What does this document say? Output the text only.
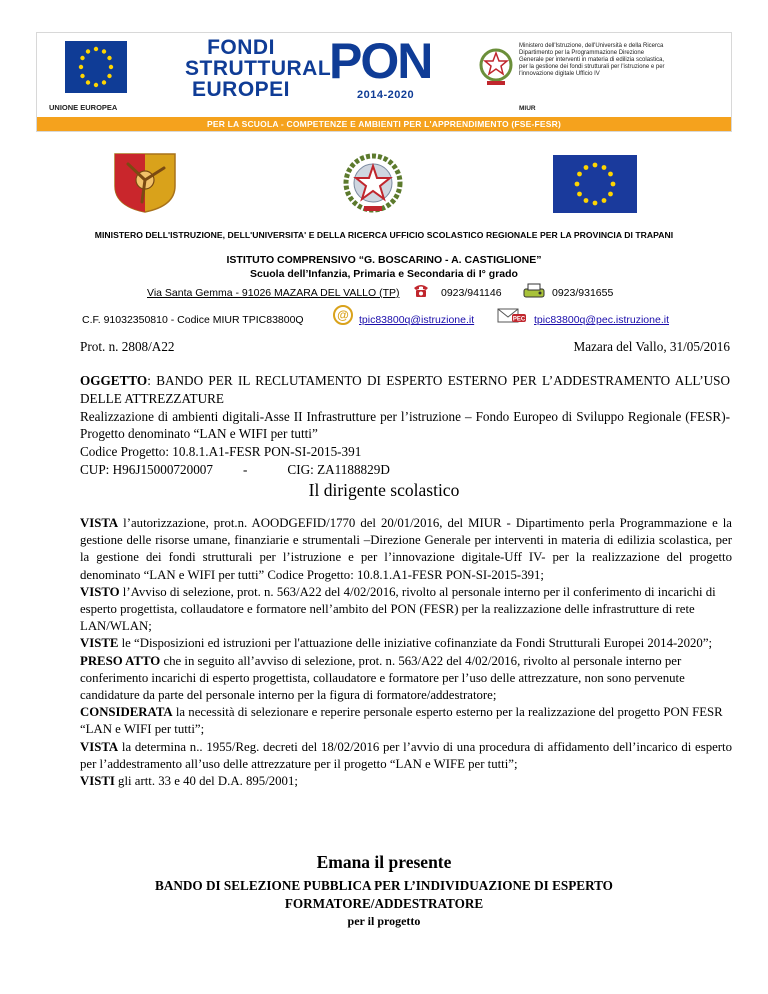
UNIONE EUROPEA
FONDI
STRUTTURALI
EUROPEI
PON
2014-2020
Ministero dell'Istruzione, dell'Università e della Ricerca Dipartimento per la Programmazione Direzione Generale per interventi in materia di edilizia scolastica, per la gestione dei fondi strutturali per l'istruzione e per l'innovazione digitale Ufficio IV
MIUR
PER LA SCUOLA - COMPETENZE E AMBIENTI PER L'APPRENDIMENTO (FSE-FESR)
MINISTERO DELL'ISTRUZIONE, DELL'UNIVERSITA' E DELLA RICERCA UFFICIO SCOLASTICO REGIONALE PER LA PROVINCIA DI TRAPANI
ISTITUTO COMPRENSIVO “G. BOSCARINO - A. CASTIGLIONE”
Scuola dell’Infanzia, Primaria e Secondaria di I° grado
Via Santa Gemma - 91026 MAZARA DEL VALLO (TP)	0923/941146	0923/931655
C.F. 91032350810 - Codice MIUR TPIC83800Q	@ tpic83800q@istruzione.it	PEC tpic83800q@pec.istruzione.it
Prot. n. 2808/A22	Mazara del Vallo, 31/05/2016
OGGETTO: BANDO PER IL RECLUTAMENTO DI ESPERTO ESTERNO PER L’ADDESTRAMENTO ALL’USO DELLE ATTREZZATURE
Realizzazione di ambienti digitali-Asse II Infrastrutture per l’istruzione – Fondo Europeo di Sviluppo Regionale (FESR)- Progetto denominato “LAN e WIFI per tutti”
Codice Progetto: 10.8.1.A1-FESR PON-SI-2015-391
CUP: H96J15000720007 -	CIG: ZA1188829D
Il dirigente scolastico

VISTA l’autorizzazione, prot.n. AOODGEFID/1770 del 20/01/2016, del MIUR - Dipartimento perla Programmazione e la gestione delle risorse umane, finanziarie e strumentali –Direzione Generale per interventi in materia di edilizia scolastica, per la gestione dei fondi strutturali per l’istruzione e per l’innovazione digitale-Uff IV- per la realizzazione del progetto denominato “LAN e WIFI per tutti” Codice Progetto: 10.8.1.A1-FESR PON-SI-2015-391;

VISTO l’Avviso di selezione, prot. n. 563/A22 del 4/02/2016, rivolto al personale interno per il conferimento di incarichi di esperto progettista, collaudatore e formatore nell’ambito del PON (FESR) per la realizzazione delle infrastrutture di rete LAN/WLAN;

VISTE le “Disposizioni ed istruzioni per l'attuazione delle iniziative cofinanziate da Fondi Strutturali Europei 2014-2020”;

PRESO ATTO che in seguito all’avviso di selezione, prot. n. 563/A22 del 4/02/2016, rivolto al personale interno per conferimento incarichi di esperto progettista, collaudatore e formatore per l’uso delle attrezzature, non sono pervenute candidature da parte del personale interno per la figura di formatore/addestratore;

CONSIDERATA la necessità di selezionare e reperire personale esperto esterno per la realizzazione del progetto PON FESR “LAN e WIFI per tutti”;

VISTA la determina n.. 1955/Reg. decreti del 18/02/2016 per l’avvio di una procedura di affidamento dell’incarico di esperto per l’addestramento all’uso delle attrezzature per il progetto “LAN e WIFE per tutti”;

VISTI gli artt. 33 e 40 del D.A. 895/2001;

Emana il presente
BANDO DI SELEZIONE PUBBLICA PER L’INDIVIDUAZIONE DI ESPERTO
FORMATORE/ADDESTRATORE
per il progetto
